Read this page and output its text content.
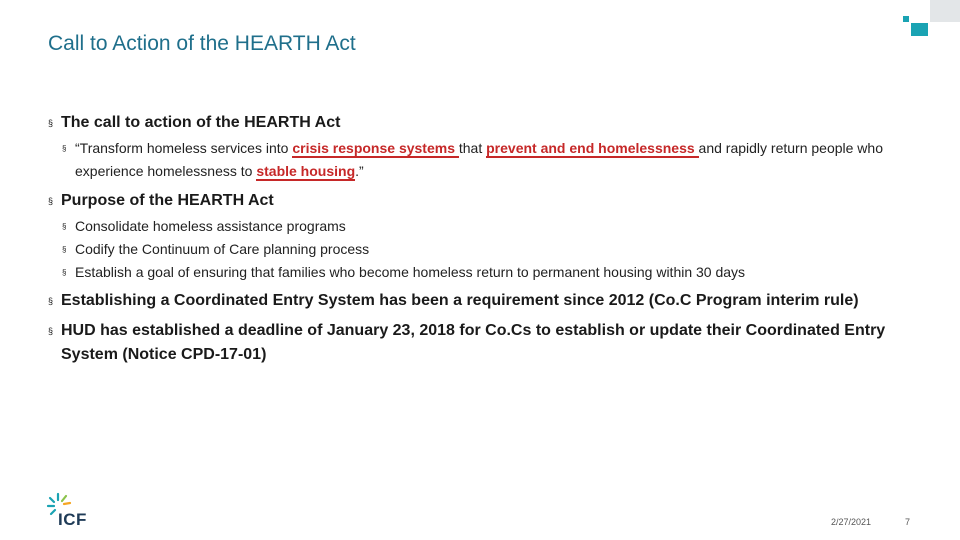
Call to Action of the HEARTH Act
§ The call to action of the HEARTH Act
§ “Transform homeless services into crisis response systems that prevent and end homelessness and rapidly return people who experience homelessness to stable housing.”
§ Purpose of the HEARTH Act
§ Consolidate homeless assistance programs
§ Codify the Continuum of Care planning process
§ Establish a goal of ensuring that families who become homeless return to permanent housing within 30 days
§ Establishing a Coordinated Entry System has been a requirement since 2012 (Co.C Program interim rule)
§ HUD has established a deadline of January 23, 2018 for Co.Cs to establish or update their Coordinated Entry System (Notice CPD-17-01)
ICF	2/27/2021	7
